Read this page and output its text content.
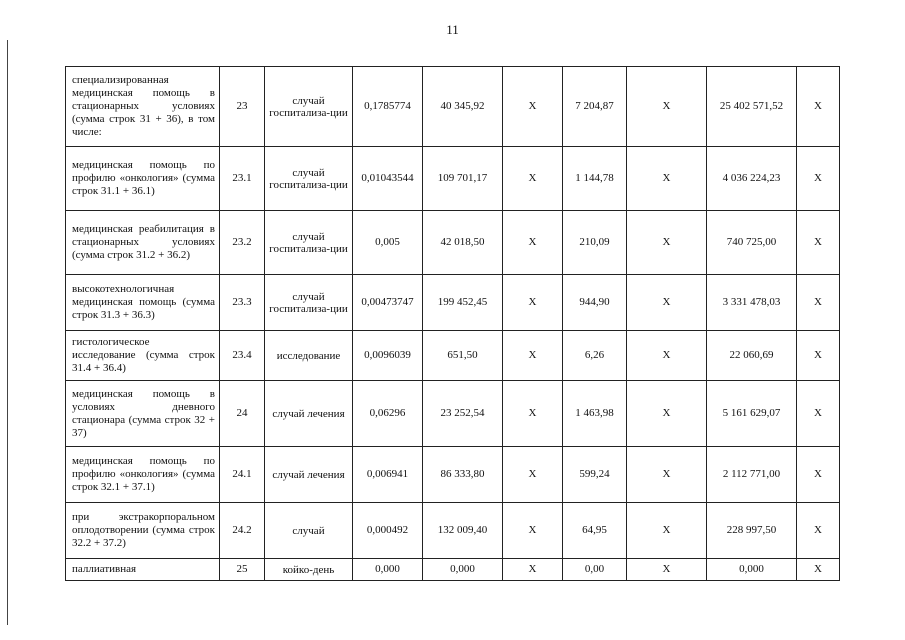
11
специализированная медицинская помощь в стационарных условиях (сумма строк 31 + 36), в том числе:	23	случай госпитализа-ции	0,1785774	40 345,92	X	7 204,87	X	25 402 571,52	X
медицинская помощь по профилю «онкология» (сумма строк 31.1 + 36.1)	23.1	случай госпитализа-ции	0,01043544	109 701,17	X	1 144,78	X	4 036 224,23	X
медицинская реабилитация в стационарных условиях (сумма строк 31.2 + 36.2)	23.2	случай госпитализа-ции	0,005	42 018,50	X	210,09	X	740 725,00	X
высокотехнологичная медицинская помощь (сумма строк 31.3 + 36.3)	23.3	случай госпитализа-ции	0,00473747	199 452,45	X	944,90	X	3 331 478,03	X
гистологическое исследование (сумма строк 31.4 + 36.4)	23.4	исследование	0,0096039	651,50	X	6,26	X	22 060,69	X
медицинская помощь в условиях дневного стационара (сумма строк 32 + 37)	24	случай лечения	0,06296	23 252,54	X	1 463,98	X	5 161 629,07	X
медицинская помощь по профилю «онкология» (сумма строк 32.1 + 37.1)	24.1	случай лечения	0,006941	86 333,80	X	599,24	X	2 112 771,00	X
при экстракорпоральном оплодотворении (сумма строк 32.2 + 37.2)	24.2	случай	0,000492	132 009,40	X	64,95	X	228 997,50	X
паллиативная	25	койко-день	0,000	0,000	X	0,00	X	0,000	X
